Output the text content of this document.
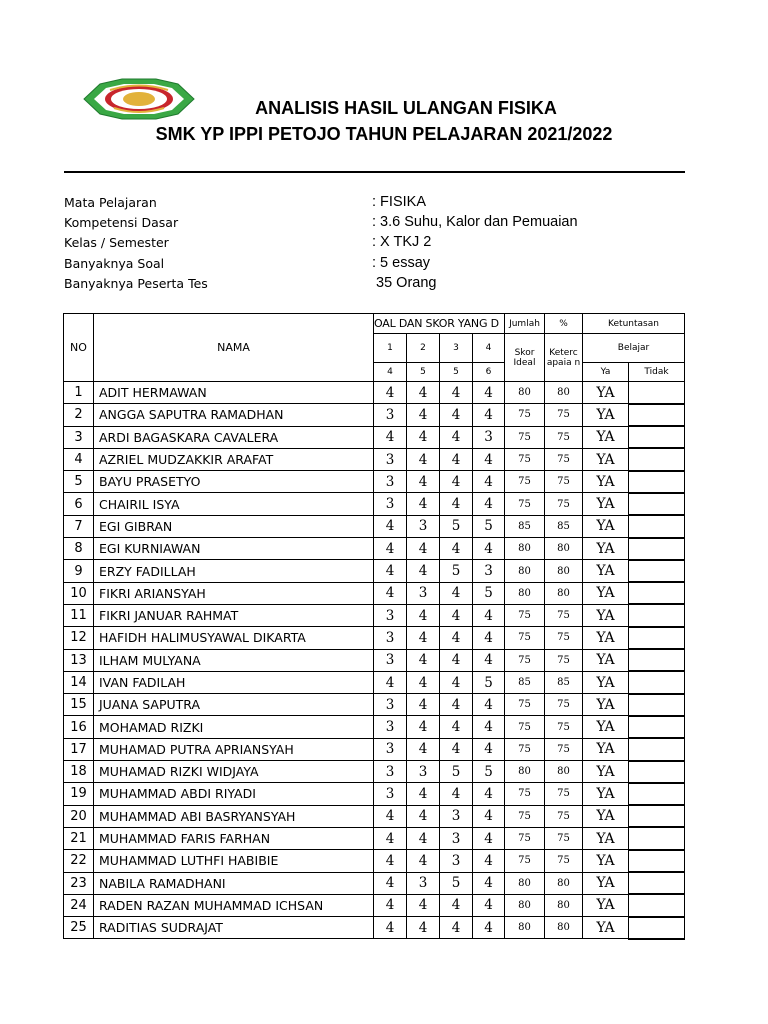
ANALISIS HASIL ULANGAN FISIKA
SMK YP IPPI PETOJO TAHUN PELAJARAN 2021/2022
Mata Pelajaran	: FISIKA
Kompetensi Dasar	: 3.6 Suhu, Kalor dan Pemuaian
Kelas / Semester	: X TKJ 2
Banyaknya Soal	: 5 essay
Banyaknya Peserta Tes	35 Orang
NO	NAMA	OAL DAN SKOR YANG D				Jumlah	%	Ketuntasan	
		1	2	3	4	Skor Ideal	Keterc apaia n	Belajar	
		4	5	5	6			Ya	Tidak
1	ADIT HERMAWAN	4	4	4	4	80	80	YA	
2	ANGGA SAPUTRA RAMADHAN	3	4	4	4	75	75	YA	
3	ARDI BAGASKARA CAVALERA	4	4	4	3	75	75	YA	
4	AZRIEL MUDZAKKIR ARAFAT	3	4	4	4	75	75	YA	
5	BAYU PRASETYO	3	4	4	4	75	75	YA	
6	CHAIRIL ISYA	3	4	4	4	75	75	YA	
7	EGI GIBRAN	4	3	5	5	85	85	YA	
8	EGI KURNIAWAN	4	4	4	4	80	80	YA	
9	ERZY FADILLAH	4	4	5	3	80	80	YA	
10	FIKRI ARIANSYAH	4	3	4	5	80	80	YA	
11	FIKRI JANUAR RAHMAT	3	4	4	4	75	75	YA	
12	HAFIDH HALIMUSYAWAL DIKARTA	3	4	4	4	75	75	YA	
13	ILHAM MULYANA	3	4	4	4	75	75	YA	
14	IVAN FADILAH	4	4	4	5	85	85	YA	
15	JUANA SAPUTRA	3	4	4	4	75	75	YA	
16	MOHAMAD RIZKI	3	4	4	4	75	75	YA	
17	MUHAMAD PUTRA APRIANSYAH	3	4	4	4	75	75	YA	
18	MUHAMAD RIZKI WIDJAYA	3	3	5	5	80	80	YA	
19	MUHAMMAD ABDI RIYADI	3	4	4	4	75	75	YA	
20	MUHAMMAD ABI BASRYANSYAH	4	4	3	4	75	75	YA	
21	MUHAMMAD FARIS FARHAN	4	4	3	4	75	75	YA	
22	MUHAMMAD LUTHFI HABIBIE	4	4	3	4	75	75	YA	
23	NABILA RAMADHANI	4	3	5	4	80	80	YA	
24	RADEN RAZAN MUHAMMAD ICHSAN	4	4	4	4	80	80	YA	
25	RADITIAS SUDRAJAT	4	4	4	4	80	80	YA	
